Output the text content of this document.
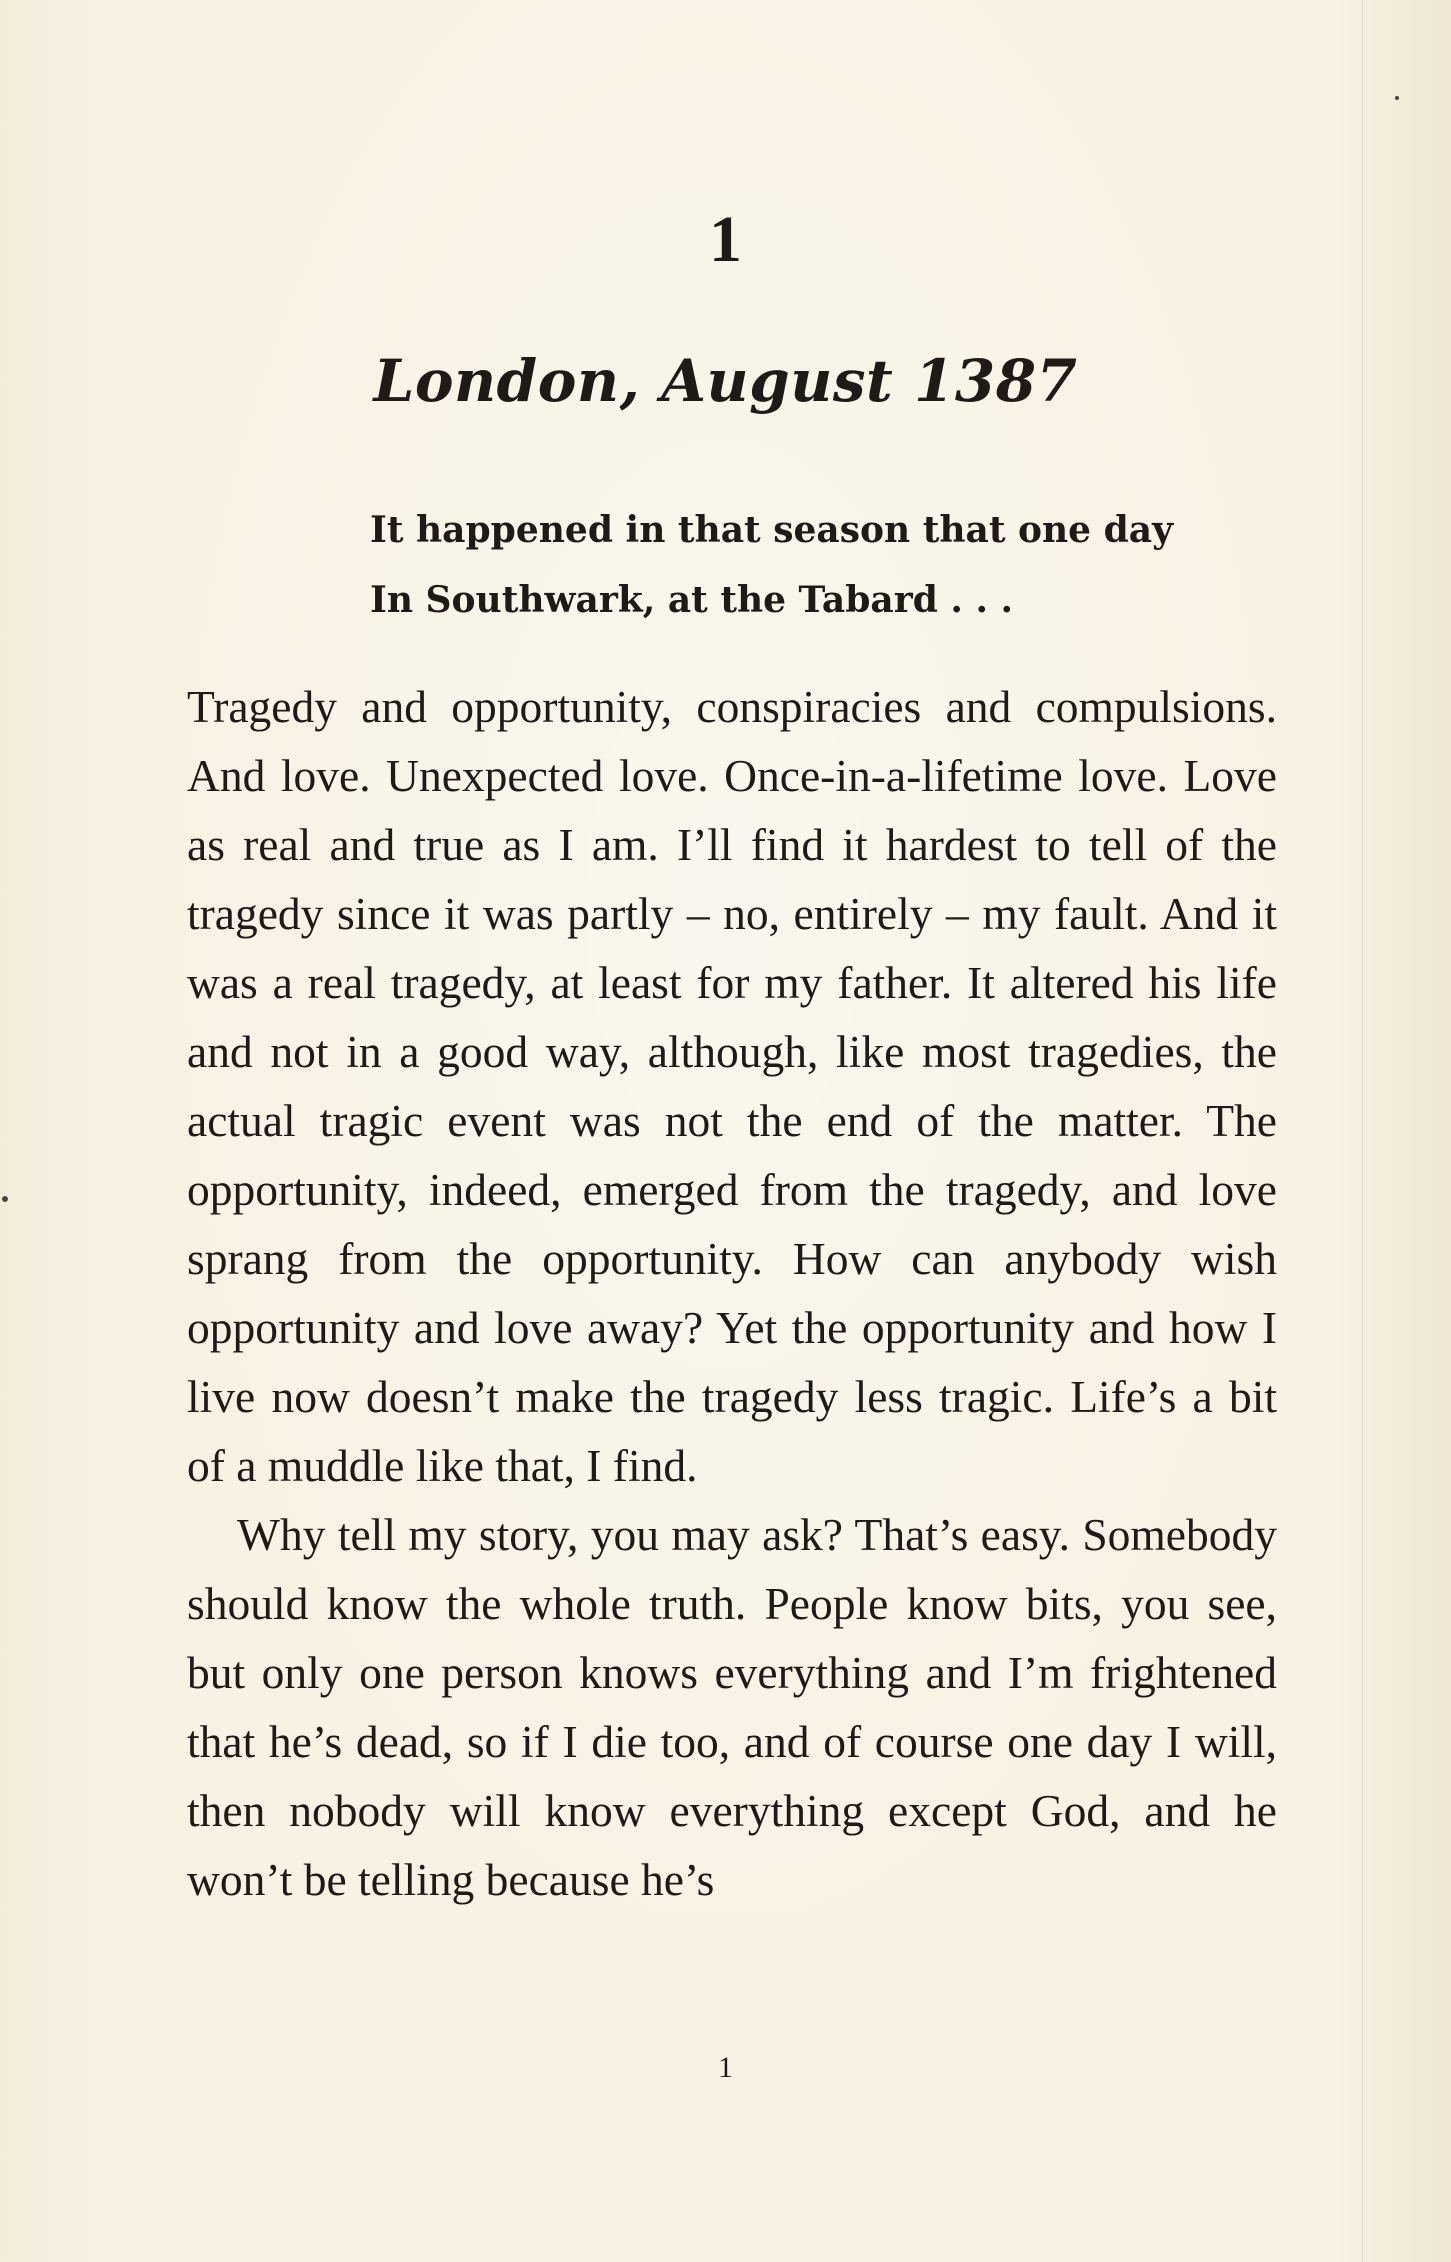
1
London, August 1387
It happened in that season that one day
In Southwark, at the Tabard . . .

Tragedy and opportunity, conspiracies and compulsions. And love. Unexpected love. Once-in-a-lifetime love. Love as real and true as I am. I’ll find it hardest to tell of the tragedy since it was partly – no, entirely – my fault. And it was a real tragedy, at least for my father. It altered his life and not in a good way, although, like most tragedies, the actual tragic event was not the end of the matter. The opportunity, indeed, emerged from the tragedy, and love sprang from the opportunity. How can anybody wish opportunity and love away? Yet the opportunity and how I live now doesn’t make the tragedy less tragic. Life’s a bit of a muddle like that, I find.

Why tell my story, you may ask? That’s easy. Somebody should know the whole truth. People know bits, you see, but only one person knows everything and I’m frightened that he’s dead, so if I die too, and of course one day I will, then nobody will know everything except God, and he won’t be telling because he’s

1
